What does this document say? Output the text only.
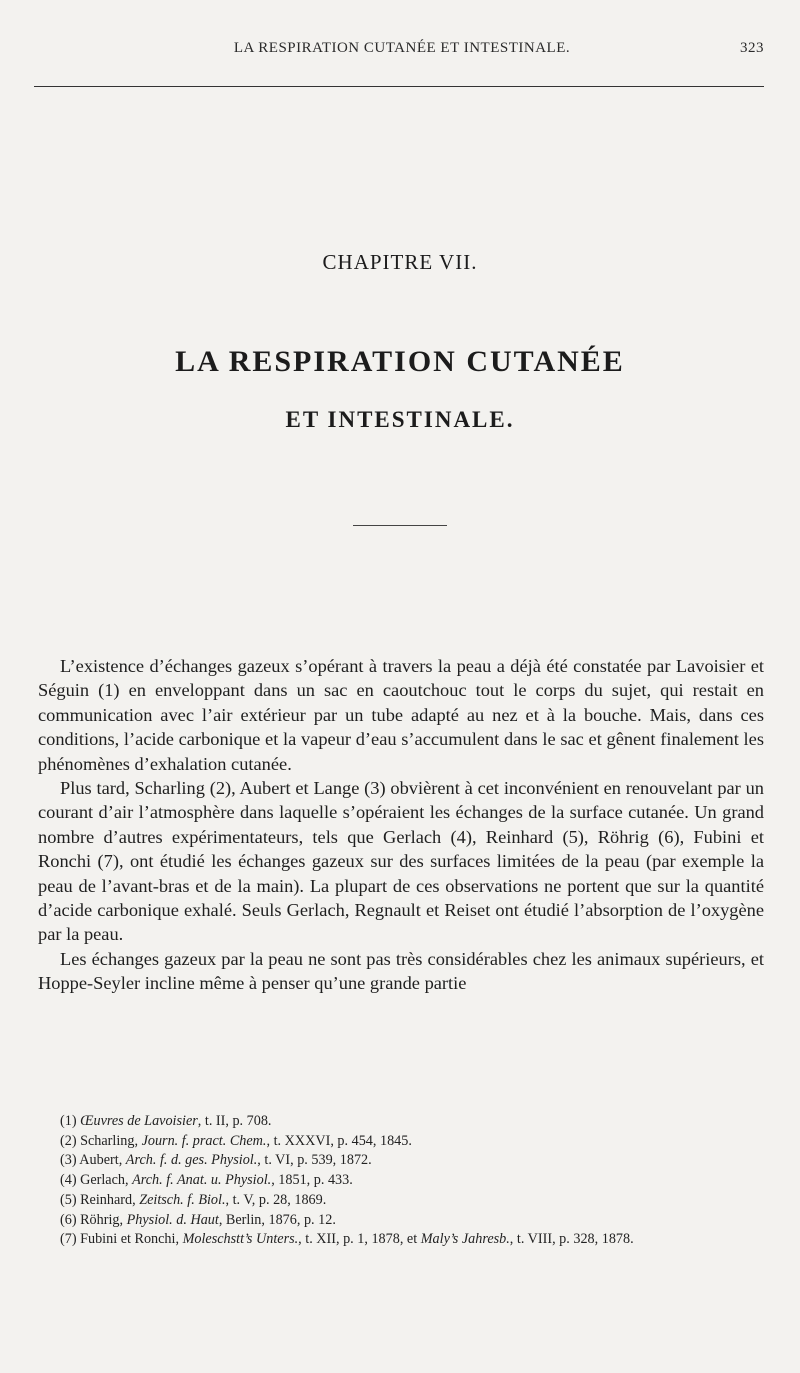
LA RESPIRATION CUTANÉE ET INTESTINALE.	323
CHAPITRE VII.
LA RESPIRATION CUTANÉE
ET INTESTINALE.

L’existence d’échanges gazeux s’opérant à travers la peau a déjà été constatée par Lavoisier et Séguin (1) en enveloppant dans un sac en caoutchouc tout le corps du sujet, qui restait en communication avec l’air extérieur par un tube adapté au nez et à la bouche. Mais, dans ces conditions, l’acide carbonique et la vapeur d’eau s’accumulent dans le sac et gênent finalement les phénomènes d’exhalation cutanée.

Plus tard, Scharling (2), Aubert et Lange (3) obvièrent à cet inconvénient en renouvelant par un courant d’air l’atmosphère dans laquelle s’opéraient les échanges de la surface cutanée. Un grand nombre d’autres expérimentateurs, tels que Gerlach (4), Reinhard (5), Röhrig (6), Fubini et Ronchi (7), ont étudié les échanges gazeux sur des surfaces limitées de la peau (par exemple la peau de l’avant-bras et de la main). La plupart de ces observations ne portent que sur la quantité d’acide carbonique exhalé. Seuls Gerlach, Regnault et Reiset ont étudié l’absorption de l’oxygène par la peau.

Les échanges gazeux par la peau ne sont pas très considérables chez les animaux supérieurs, et Hoppe-Seyler incline même à penser qu’une grande partie

(1) Œuvres de Lavoisier, t. II, p. 708.

(2) Scharling, Journ. f. pract. Chem., t. XXXVI, p. 454, 1845.

(3) Aubert, Arch. f. d. ges. Physiol., t. VI, p. 539, 1872.

(4) Gerlach, Arch. f. Anat. u. Physiol., 1851, p. 433.

(5) Reinhard, Zeitsch. f. Biol., t. V, p. 28, 1869.

(6) Röhrig, Physiol. d. Haut, Berlin, 1876, p. 12.

(7) Fubini et Ronchi, Moleschstt’s Unters., t. XII, p. 1, 1878, et Maly’s Jahresb., t. VIII, p. 328, 1878.
